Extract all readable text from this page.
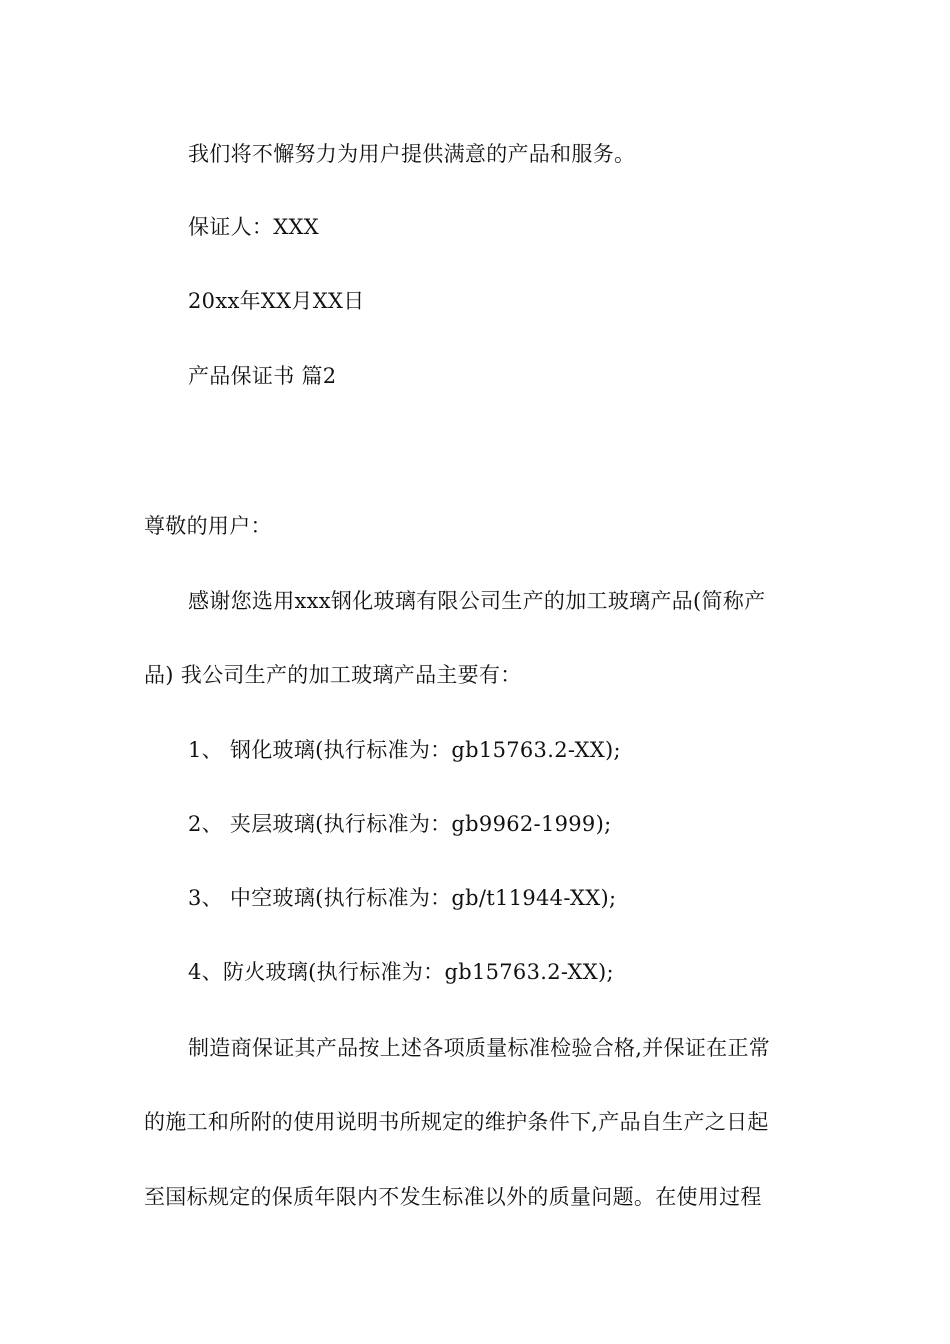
我们将不懈努力为用户提供满意的产品和服务。
保证人：XXX
20xx年XX月XX日
产品保证书 篇2
尊敬的用户：
感谢您选用xxx钢化玻璃有限公司生产的加工玻璃产品(简称产
品) 我公司生产的加工玻璃产品主要有：
1、 钢化玻璃(执行标准为：gb15763.2-XX);
2、 夹层玻璃(执行标准为：gb9962-1999);
3、 中空玻璃(执行标准为：gb/t11944-XX);
4、防火玻璃(执行标准为：gb15763.2-XX);
制造商保证其产品按上述各项质量标准检验合格,并保证在正常
的施工和所附的使用说明书所规定的维护条件下,产品自生产之日起
至国标规定的保质年限内不发生标准以外的质量问题。在使用过程
